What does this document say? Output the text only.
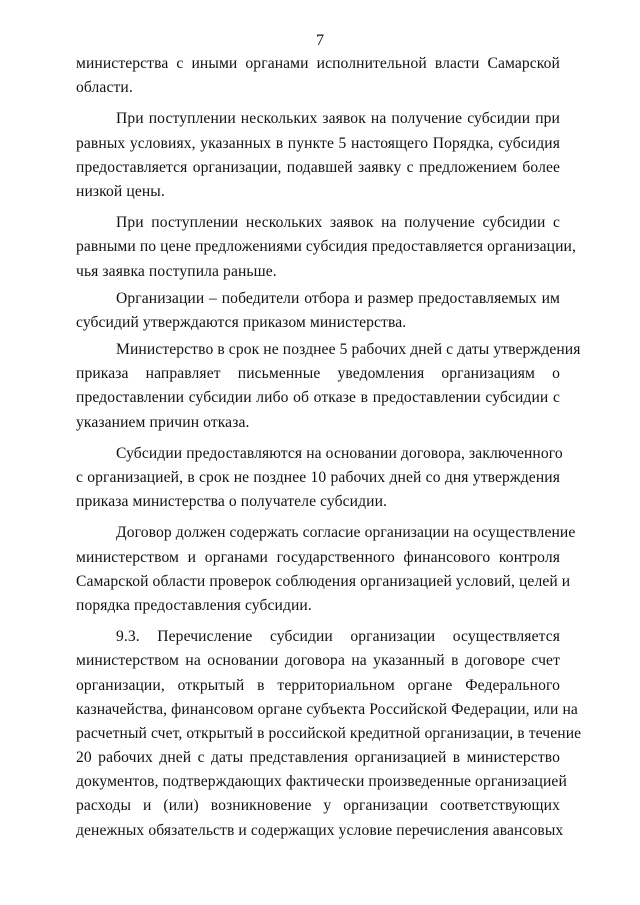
7
министерства с иными органами исполнительной власти Самарской
области.
При поступлении нескольких заявок на получение субсидии при
равных условиях, указанных в пункте 5 настоящего Порядка, субсидия
предоставляется организации, подавшей заявку с предложением более
низкой цены.
При поступлении нескольких заявок на получение субсидии с
равными по цене предложениями субсидия предоставляется организации,
чья заявка поступила раньше.
Организации – победители отбора и размер предоставляемых им
субсидий утверждаются приказом министерства.
Министерство в срок не позднее 5 рабочих дней с даты утверждения
приказа направляет письменные уведомления организациям о
предоставлении субсидии либо об отказе в предоставлении субсидии с
указанием причин отказа.
Субсидии предоставляются на основании договора, заключенного
с организацией, в срок не позднее 10 рабочих дней со дня утверждения
приказа министерства о получателе субсидии.
Договор должен содержать согласие организации на осуществление
министерством и органами государственного финансового контроля
Самарской области проверок соблюдения организацией условий, целей и
порядка предоставления субсидии.
9.3. Перечисление субсидии организации осуществляется
министерством на основании договора на указанный в договоре счет
организации, открытый в территориальном органе Федерального
казначейства, финансовом органе субъекта Российской Федерации, или на
расчетный счет, открытый в российской кредитной организации, в течение
20 рабочих дней с даты представления организацией в министерство
документов, подтверждающих фактически произведенные организацией
расходы и (или) возникновение у организации соответствующих
денежных обязательств и содержащих условие перечисления авансовых
